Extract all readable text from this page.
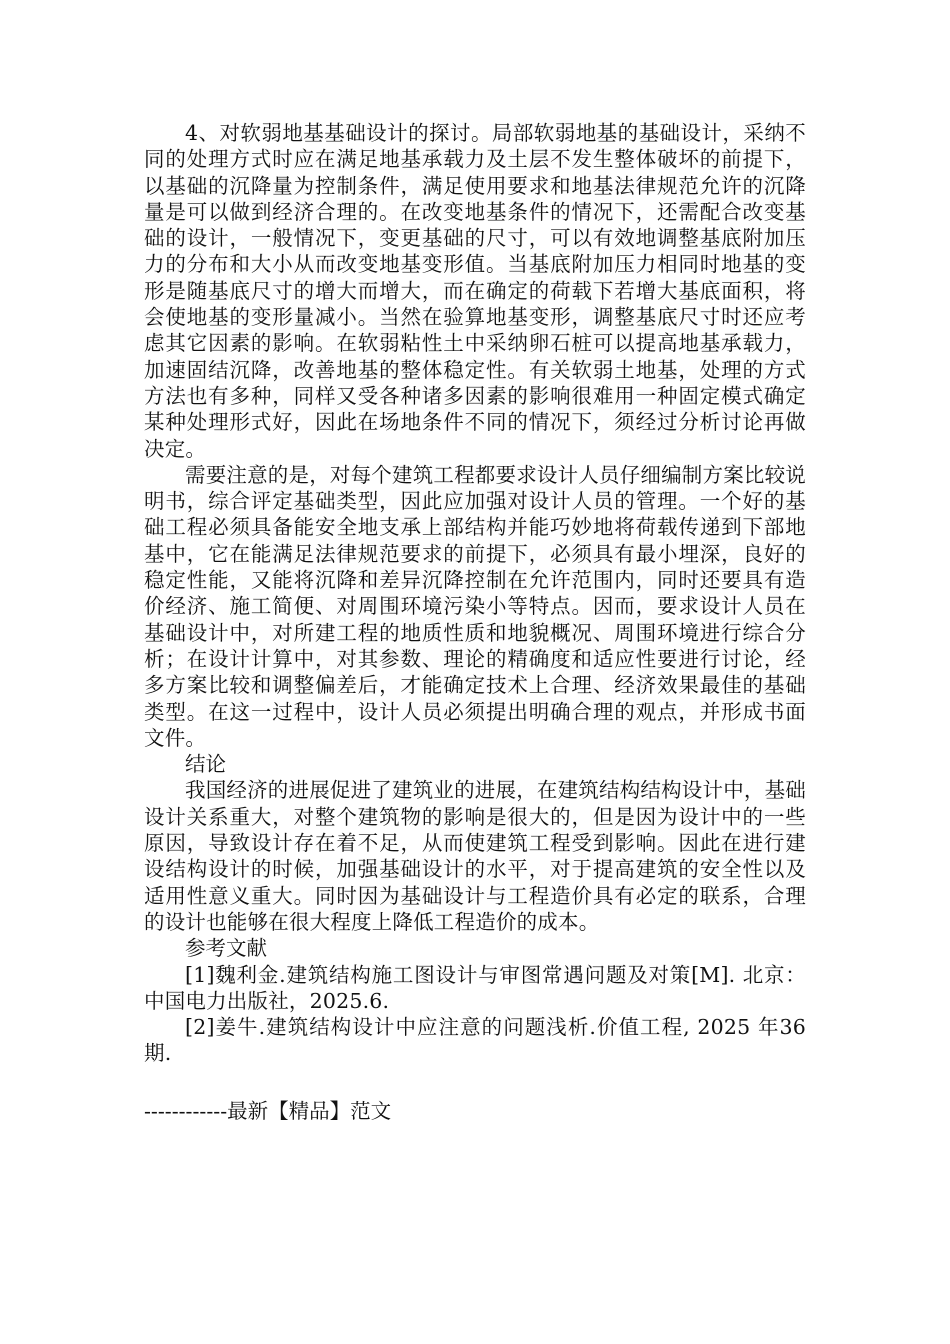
4、对软弱地基基础设计的探讨。局部软弱地基的基础设计，采纳不同的处理方式时应在满足地基承载力及土层不发生整体破坏的前提下，以基础的沉降量为控制条件，满足使用要求和地基法律规范允许的沉降量是可以做到经济合理的。在改变地基条件的情况下，还需配合改变基础的设计，一般情况下，变更基础的尺寸，可以有效地调整基底附加压力的分布和大小从而改变地基变形值。当基底附加压力相同时地基的变形是随基底尺寸的增大而增大，而在确定的荷载下若增大基底面积，将会使地基的变形量减小。当然在验算地基变形，调整基底尺寸时还应考虑其它因素的影响。在软弱粘性土中采纳卵石桩可以提高地基承载力，加速固结沉降，改善地基的整体稳定性。有关软弱土地基，处理的方式方法也有多种，同样又受各种诸多因素的影响很难用一种固定模式确定某种处理形式好，因此在场地条件不同的情况下，须经过分析讨论再做决定。

需要注意的是，对每个建筑工程都要求设计人员仔细编制方案比较说明书，综合评定基础类型，因此应加强对设计人员的管理。一个好的基础工程必须具备能安全地支承上部结构并能巧妙地将荷载传递到下部地基中，它在能满足法律规范要求的前提下，必须具有最小埋深，良好的稳定性能，又能将沉降和差异沉降控制在允许范围内，同时还要具有造价经济、施工简便、对周围环境污染小等特点。因而，要求设计人员在基础设计中，对所建工程的地质性质和地貌概况、周围环境进行综合分析；在设计计算中，对其参数、理论的精确度和适应性要进行讨论，经多方案比较和调整偏差后，才能确定技术上合理、经济效果最佳的基础类型。在这一过程中，设计人员必须提出明确合理的观点，并形成书面文件。

结论

我国经济的进展促进了建筑业的进展，在建筑结构结构设计中，基础设计关系重大，对整个建筑物的影响是很大的，但是因为设计中的一些原因，导致设计存在着不足，从而使建筑工程受到影响。因此在进行建设结构设计的时候，加强基础设计的水平，对于提高建筑的安全性以及适用性意义重大。同时因为基础设计与工程造价具有必定的联系，合理的设计也能够在很大程度上降低工程造价的成本。

参考文献

[1]魏利金.建筑结构施工图设计与审图常遇问题及对策[M]. 北京： 中国电力出版社，2025.6.

[2]姜牛.建筑结构设计中应注意的问题浅析.价值工程, 2025 年36 期.

------------最新【精品】范文
